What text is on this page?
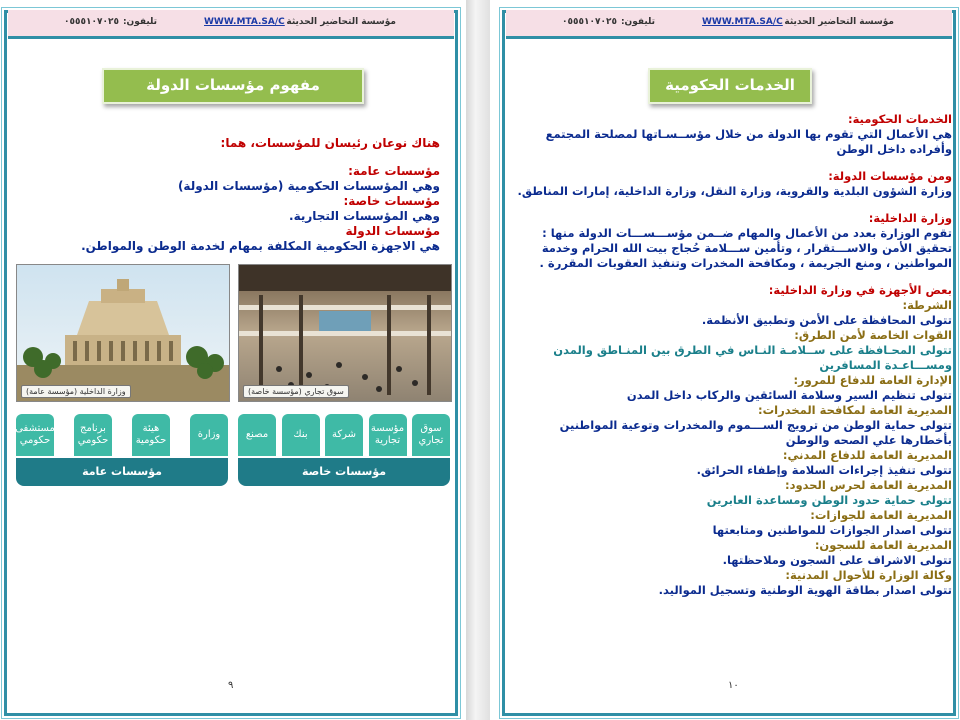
مؤسسة التحاضير الحديثة
WWW.MTA.SA/C
تليفون:٠٥٥٥١٠٧٠٢٥
مفهوم مؤسسات الدولة

هناك نوعان رئيسان للمؤسسات، هما:

مؤسسات عامة:

وهي المؤسسات الحكومية (مؤسسات الدولة)

مؤسسات خاصة:

وهي المؤسسات التجارية.

مؤسسات الدولة

هي الاجهزة الحكومية المكلفة بمهام لخدمة الوطن والمواطن.

وزارة الداخلية (مؤسسة عامة)	سوق تجاري (مؤسسة خاصة)
وزارة
هيئة حكومية
برنامج حكومي
مستشفى حكومي
مؤسسات عامة
سوق تجاري
مؤسسة تجارية
شركة
بنك
مصنع
مؤسسات خاصة
٩
مؤسسة التحاضير الحديثة
WWW.MTA.SA/C
تليفون:٠٥٥٥١٠٧٠٢٥
الخدمات الحكومية

الخدمات الحكومية:

هي الأعمال التي تقوم بها الدولة من خلال مؤســسـاتها لمصلحة المجتمع وأفراده داخل الوطن

ومن مؤسسات الدولة:

وزارة الشؤون البلدية والقروية، وزارة النقل، وزارة الداخلية، إمارات المناطق.

وزارة الداخلية:

تقوم الوزارة بعدد من الأعمال والمهام ضــمن مؤســـســـات الدولة منها : تحقيق الأمن والاســـتقرار ، وتأمين ســـلامة حُجاج بيت الله الحرام وخدمة المواطنين ، ومنع الجريمة ، ومكافحة المخدرات وتنفيذ العقوبات المقررة .

بعض الأجهزة في وزارة الداخلية:

الشرطة:

تتولى المحافظة على الأمن وتطبيق الأنظمة.

القوات الخاصة لأمن الطرق:

تتولى المحـافظة على ســلامـة النـاس في الطرق بين المنـاطق والمدن ومســـاعـدة المسافرين

الإدارة العامة للدفاع للمرور:

تتولى تنظيم السير وسلامة السائقين والركاب داخل المدن

المديرية العامة لمكافحة المخدرات:

تتولى حماية الوطن من ترويج الســـموم والمخدرات وتوعية المواطنين بأخطارها علي الصحه والوطن

المديرية العامة للدفاع المدني:

تتولى تنفيذ إجراءات السلامة وإطفاء الحرائق.

المديرية العامة لحرس الحدود:

تتولى حماية حدود الوطن ومساعدة العابرين

المديرية العامة للجوازات:

تتولى اصدار الجوازات للمواطنين ومتابعتها

المديرية العامة للسجون:

تتولى الاشراف على السجون وملاحظتها.

وكالة الوزارة للأحوال المدنية:

تتولى اصدار بطاقة الهوية الوطنية وتسجيل المواليد.

١٠
